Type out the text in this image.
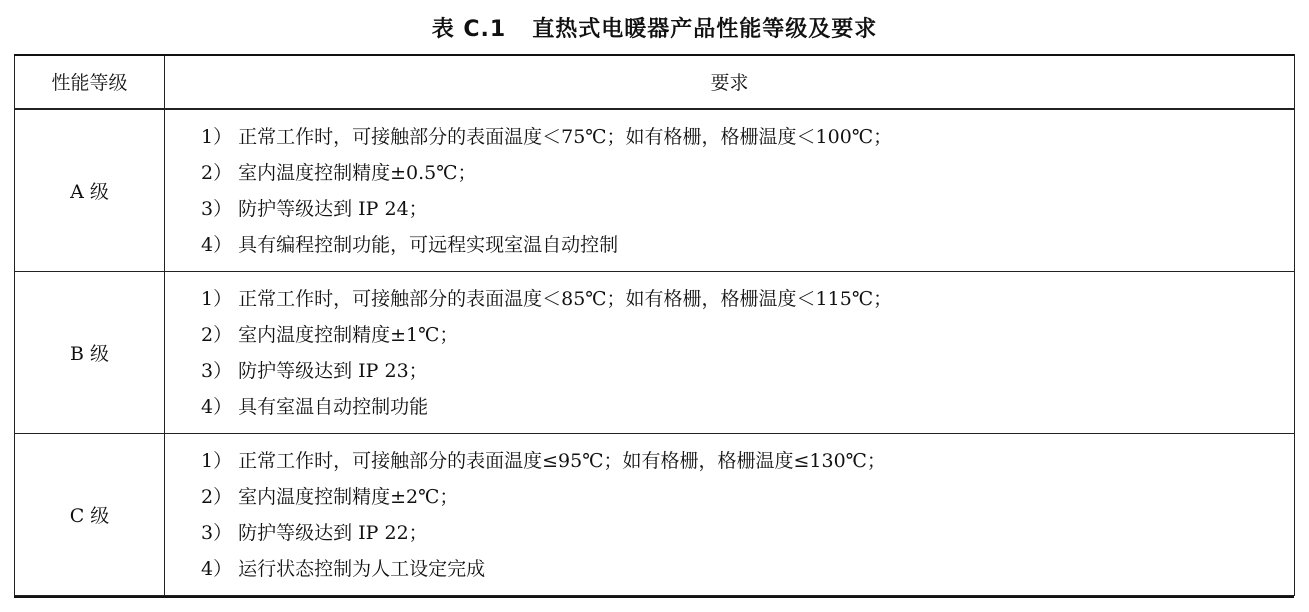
表 C.1 直热式电暖器产品性能等级及要求
性能等级	要求
A 级	1） 正常工作时，可接触部分的表面温度＜75℃；如有格栅，格栅温度＜100℃；
2） 室内温度控制精度±0.5℃；
3） 防护等级达到 IP 24；
4） 具有编程控制功能，可远程实现室温自动控制

B 级	1） 正常工作时，可接触部分的表面温度＜85℃；如有格栅，格栅温度＜115℃；
2） 室内温度控制精度±1℃；
3） 防护等级达到 IP 23；
4） 具有室温自动控制功能

C 级	1） 正常工作时，可接触部分的表面温度≤95℃；如有格栅，格栅温度≤130℃；
2） 室内温度控制精度±2℃；
3） 防护等级达到 IP 22；
4） 运行状态控制为人工设定完成
